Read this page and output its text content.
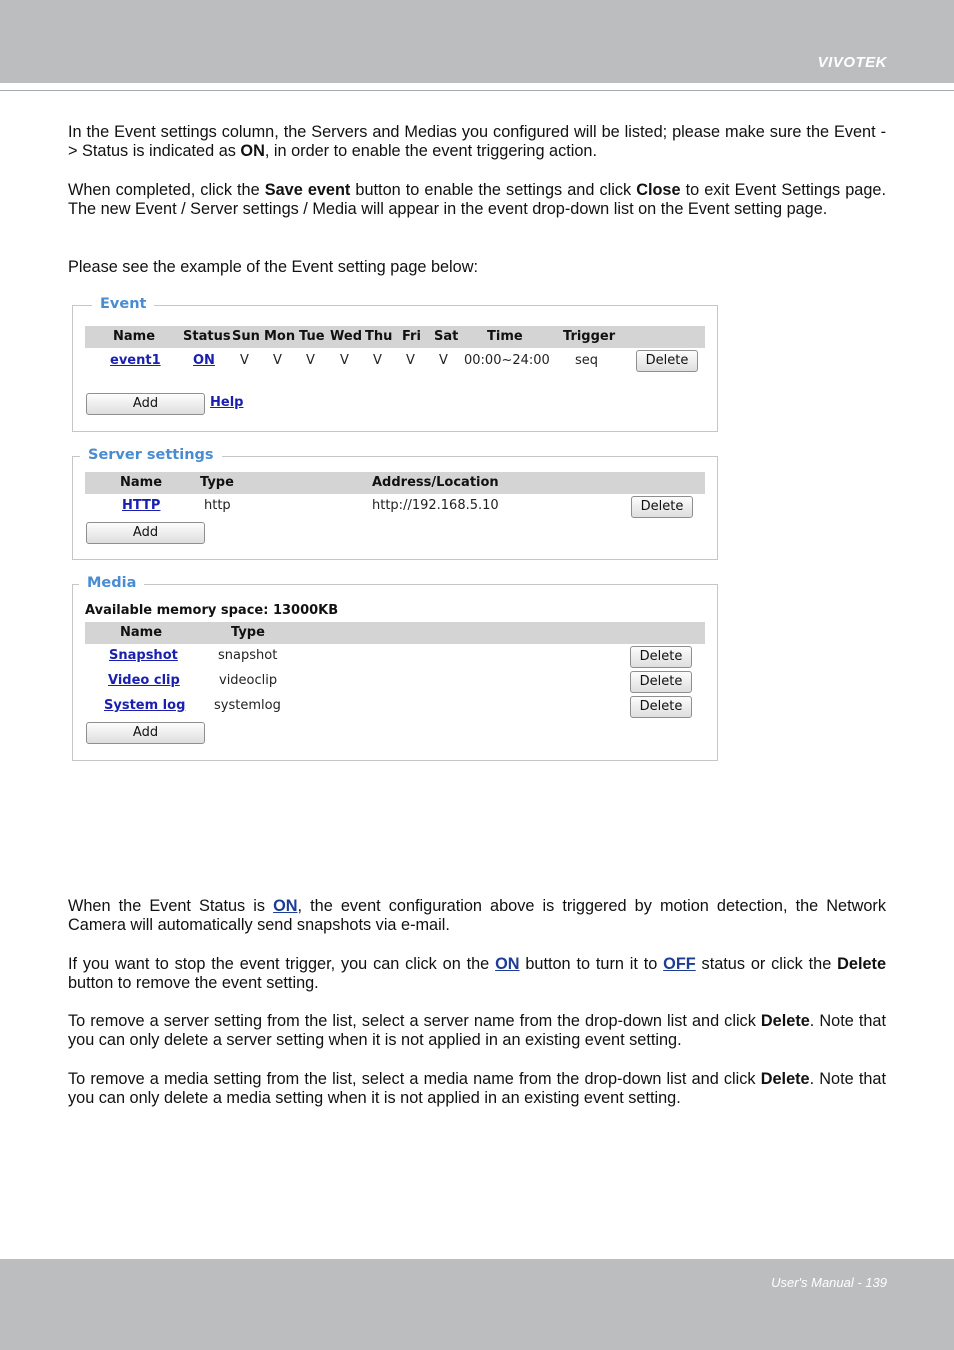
VIVOTEK

In the Event settings column, the Servers and Medias you configured will be listed; please make sure the Event -> Status is indicated as ON, in order to enable the event triggering action.

When completed, click the Save event button to enable the settings and click Close to exit Event Settings page. The new Event / Server settings / Media will appear in the event drop-down list on the Event setting page.

Please see the example of the Event setting page below:

Event
Name Status Sun Mon Tue Wed Thu Fri Sat Time	Trigger
event1 ON V V V V V V V 00:00~24:00 seq	Delete
Add	Help
Server settings
Name	Type	Address/Location
HTTP	http	http://192.168.5.10	Delete
Add
Media
Available memory space: 13000KB
Name	Type
Snapshot	snapshot	Delete
Video clip	videoclip	Delete
System log systemlog	Delete
Add

When the Event Status is ON, the event configuration above is triggered by motion detection, the Network Camera will automatically send snapshots via e-mail.

If you want to stop the event trigger, you can click on the ON button to turn it to OFF status or click the Delete button to remove the event setting.

To remove a server setting from the list, select a server name from the drop-down list and click Delete. Note that you can only delete a server setting when it is not applied in an existing event setting.

To remove a media setting from the list, select a media name from the drop-down list and click Delete. Note that you can only delete a media setting when it is not applied in an existing event setting.

User's Manual - 139
